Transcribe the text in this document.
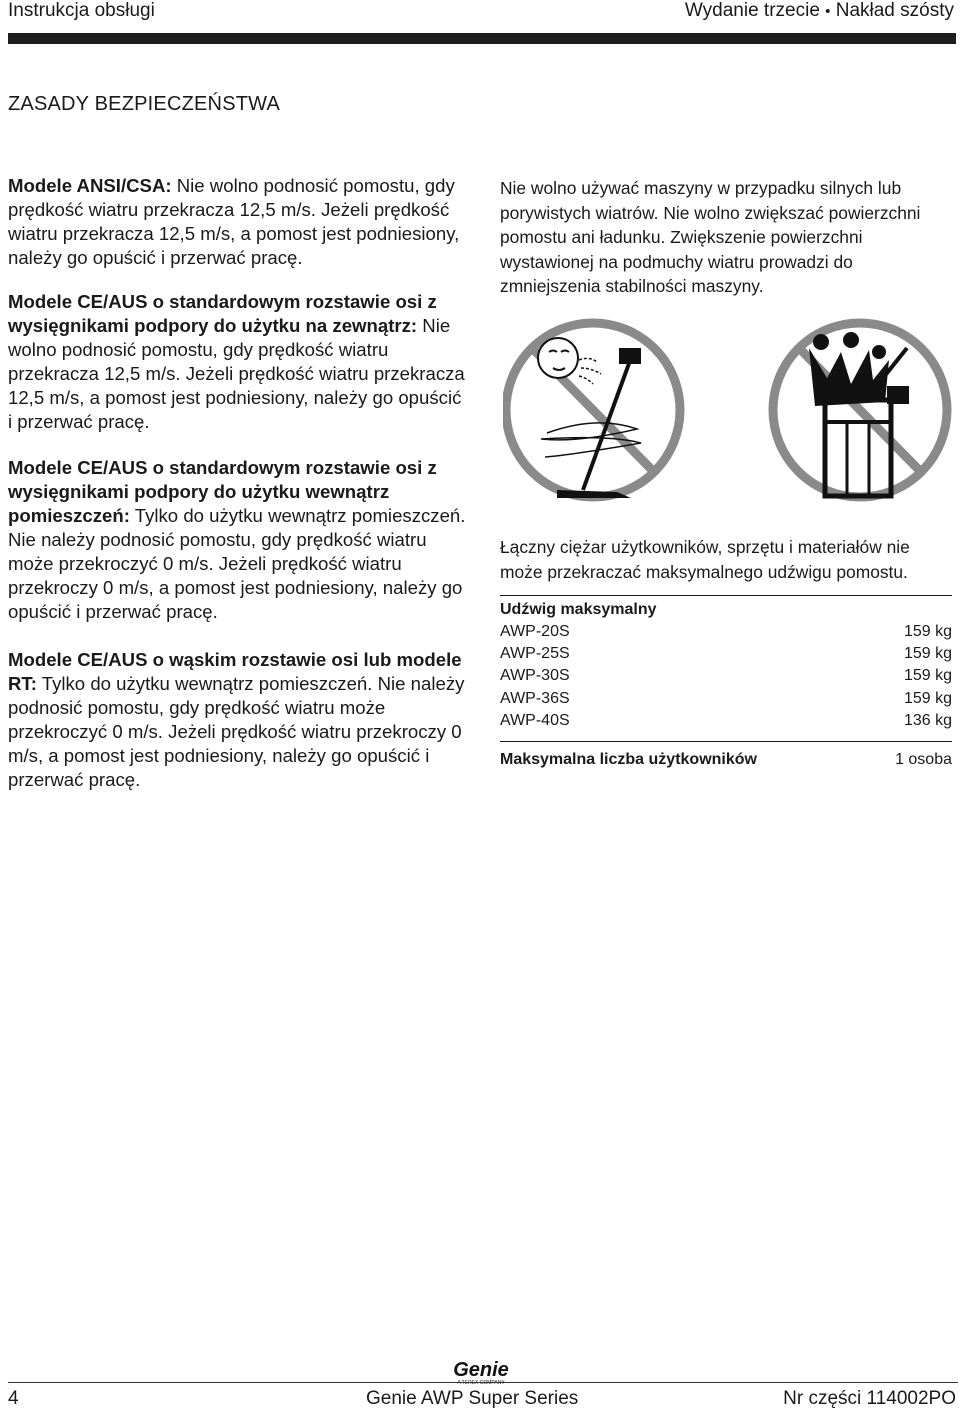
Instrukcja obsługi	Wydanie trzecie • Nakład szósty
ZASADY BEZPIECZEŃSTWA

Modele ANSI/CSA: Nie wolno podnosić pomostu, gdy prędkość wiatru przekracza 12,5 m/s. Jeżeli prędkość wiatru przekracza 12,5 m/s, a pomost jest podniesiony, należy go opuścić i przerwać pracę.

Modele CE/AUS o standardowym rozstawie osi z wysięgnikami podpory do użytku na zewnątrz: Nie wolno podnosić pomostu, gdy prędkość wiatru przekracza 12,5 m/s. Jeżeli prędkość wiatru przekracza 12,5 m/s, a pomost jest podniesiony, należy go opuścić i przerwać pracę.

Modele CE/AUS o standardowym rozstawie osi z wysięgnikami podpory do użytku wewnątrz pomieszczeń: Tylko do użytku wewnątrz pomieszczeń. Nie należy podnosić pomostu, gdy prędkość wiatru może przekroczyć 0 m/s. Jeżeli prędkość wiatru przekroczy 0 m/s, a pomost jest podniesiony, należy go opuścić i przerwać pracę.

Modele CE/AUS o wąskim rozstawie osi lub modele RT: Tylko do użytku wewnątrz pomieszczeń. Nie należy podnosić pomostu, gdy prędkość wiatru może przekroczyć 0 m/s. Jeżeli prędkość wiatru przekroczy 0 m/s, a pomost jest podniesiony, należy go opuścić i przerwać pracę.

Nie wolno używać maszyny w przypadku silnych lub porywistych wiatrów. Nie wolno zwiększać powierzchni pomostu ani ładunku. Zwiększenie powierzchni wystawionej na podmuchy wiatru prowadzi do zmniejszenia stabilności maszyny.

Łączny ciężar użytkowników, sprzętu i materiałów nie może przekraczać maksymalnego udźwigu pomostu.

Udźwig maksymalny
AWP-20S	159 kg
AWP-25S	159 kg
AWP-30S	159 kg
AWP-36S	159 kg
AWP-40S	136 kg
Maksymalna liczba użytkowników	1 osoba
Genie
A TEREX COMPANY
4	Genie AWP Super Series	Nr części 114002PO
